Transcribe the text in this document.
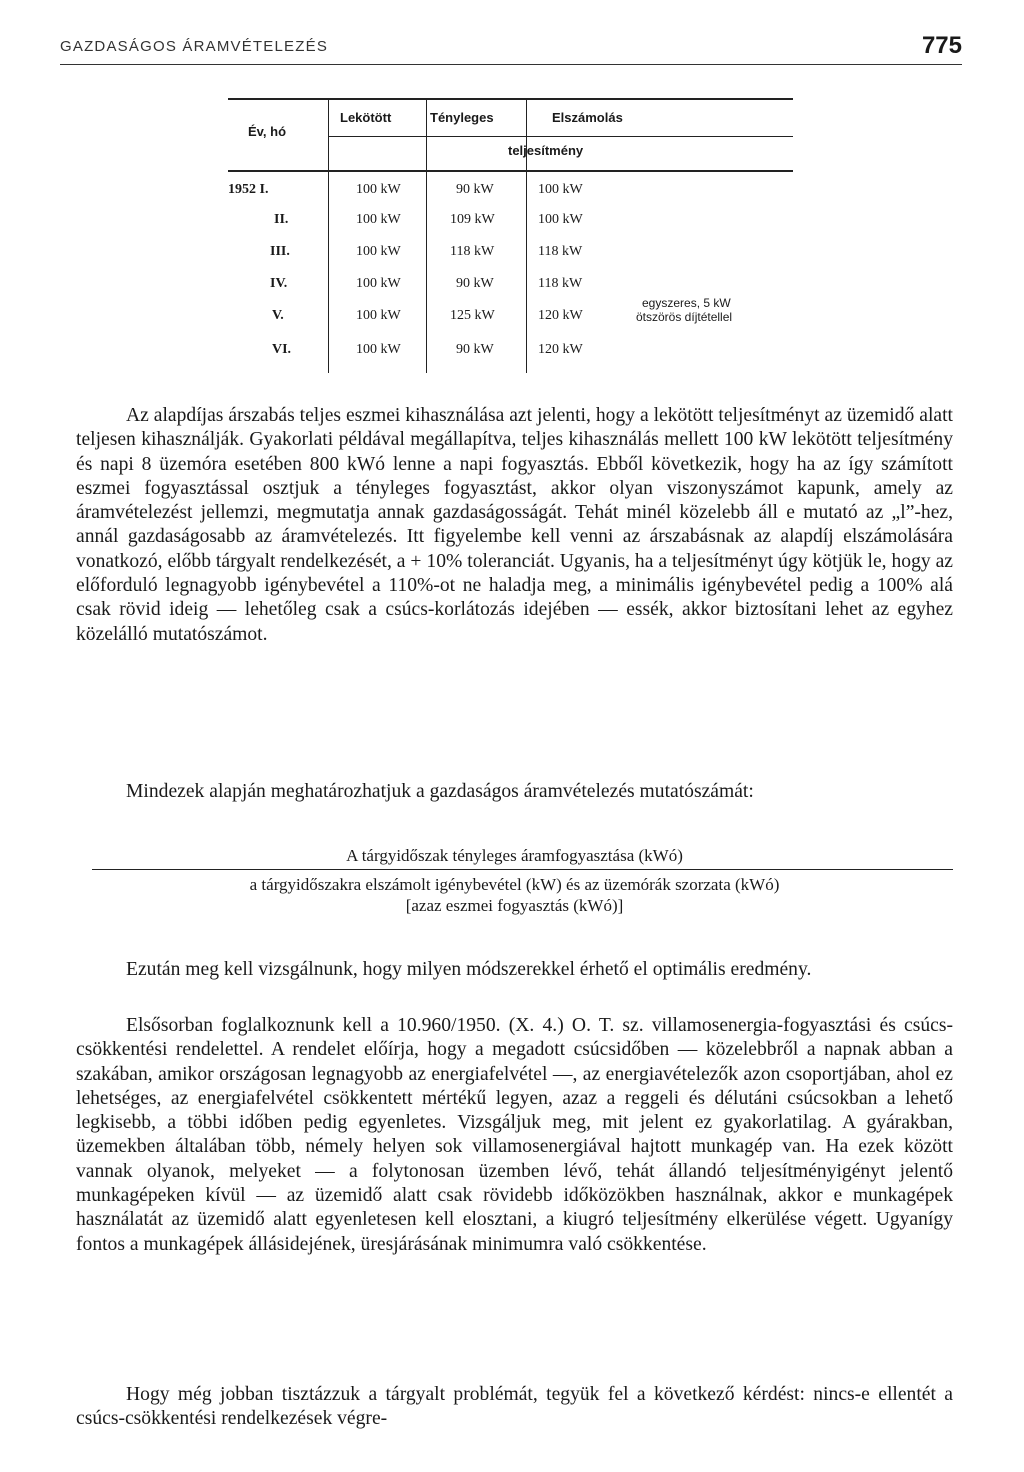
GAZDASÁGOS ÁRAMVÉTELEZÉS	775
Év, hó
Lekötött	Tényleges	Elszámolás
teljesítmény
1952 I.	100 kW	90 kW	100 kW
II.	100 kW	109 kW	100 kW
III.	100 kW	118 kW	118 kW
IV.	100 kW	90 kW	118 kW
V.	100 kW	125 kW	120 kW
VI.	100 kW	90 kW	120 kW
egyszeres, 5 kW
ötszörös díjtétellel

Az alapdíjas árszabás teljes eszmei kihasználása azt jelenti, hogy a lekötött teljesítményt az üzemidő alatt teljesen kihasználják. Gyakorlati példával megállapítva, teljes kihasználás mellett 100 kW lekötött teljesítmény és napi 8 üzemóra esetében 800 kWó lenne a napi fogyasztás. Ebből következik, hogy ha az így számított eszmei fogyasztással osztjuk a tényleges fogyasztást, akkor olyan viszonyszámot kapunk, amely az áramvételezést jellemzi, megmutatja annak gazdaságosságát. Tehát minél közelebb áll e mutató az „l”-hez, annál gazdaságosabb az áramvételezés. Itt figyelembe kell venni az árszabásnak az alapdíj elszámolására vonatkozó, előbb tárgyalt rendelkezését, a + 10% toleranciát. Ugyanis, ha a teljesítményt úgy kötjük le, hogy az előforduló legnagyobb igénybevétel a 110%-ot ne haladja meg, a minimális igénybevétel pedig a 100% alá csak rövid ideig — lehetőleg csak a csúcs-korlátozás idejében — essék, akkor biztosítani lehet az egyhez közelálló mutatószámot.

Mindezek alapján meghatározhatjuk a gazdaságos áramvételezés mutatószámát:

A tárgyidőszak tényleges áramfogyasztása (kWó)
a tárgyidőszakra elszámolt igénybevétel (kW) és az üzemórák szorzata (kWó)
[azaz eszmei fogyasztás (kWó)]

Ezután meg kell vizsgálnunk, hogy milyen módszerekkel érhető el optimális eredmény.

Elsősorban foglalkoznunk kell a 10.960/1950. (X. 4.) O. T. sz. villamosenergia-fogyasztási és csúcs-csökkentési rendelettel. A rendelet előírja, hogy a megadott csúcsidőben — közelebbről a napnak abban a szakában, amikor országosan legnagyobb az energiafelvétel —, az energiavételezők azon csoportjában, ahol ez lehetséges, az energiafelvétel csökkentett mértékű legyen, azaz a reggeli és délutáni csúcsokban a lehető legkisebb, a többi időben pedig egyenletes. Vizsgáljuk meg, mit jelent ez gyakorlatilag. A gyárakban, üzemekben általában több, némely helyen sok villamosenergiával hajtott munkagép van. Ha ezek között vannak olyanok, melyeket — a folytonosan üzemben lévő, tehát állandó teljesítményigényt jelentő munkagépeken kívül — az üzemidő alatt csak rövidebb időközökben használnak, akkor e munkagépek használatát az üzemidő alatt egyenletesen kell elosztani, a kiugró teljesítmény elkerülése végett. Ugyanígy fontos a munkagépek állásidejének, üresjárásának minimumra való csökkentése.

Hogy még jobban tisztázzuk a tárgyalt problémát, tegyük fel a következő kérdést: nincs-e ellentét a csúcs-csökkentési rendelkezések végre-
